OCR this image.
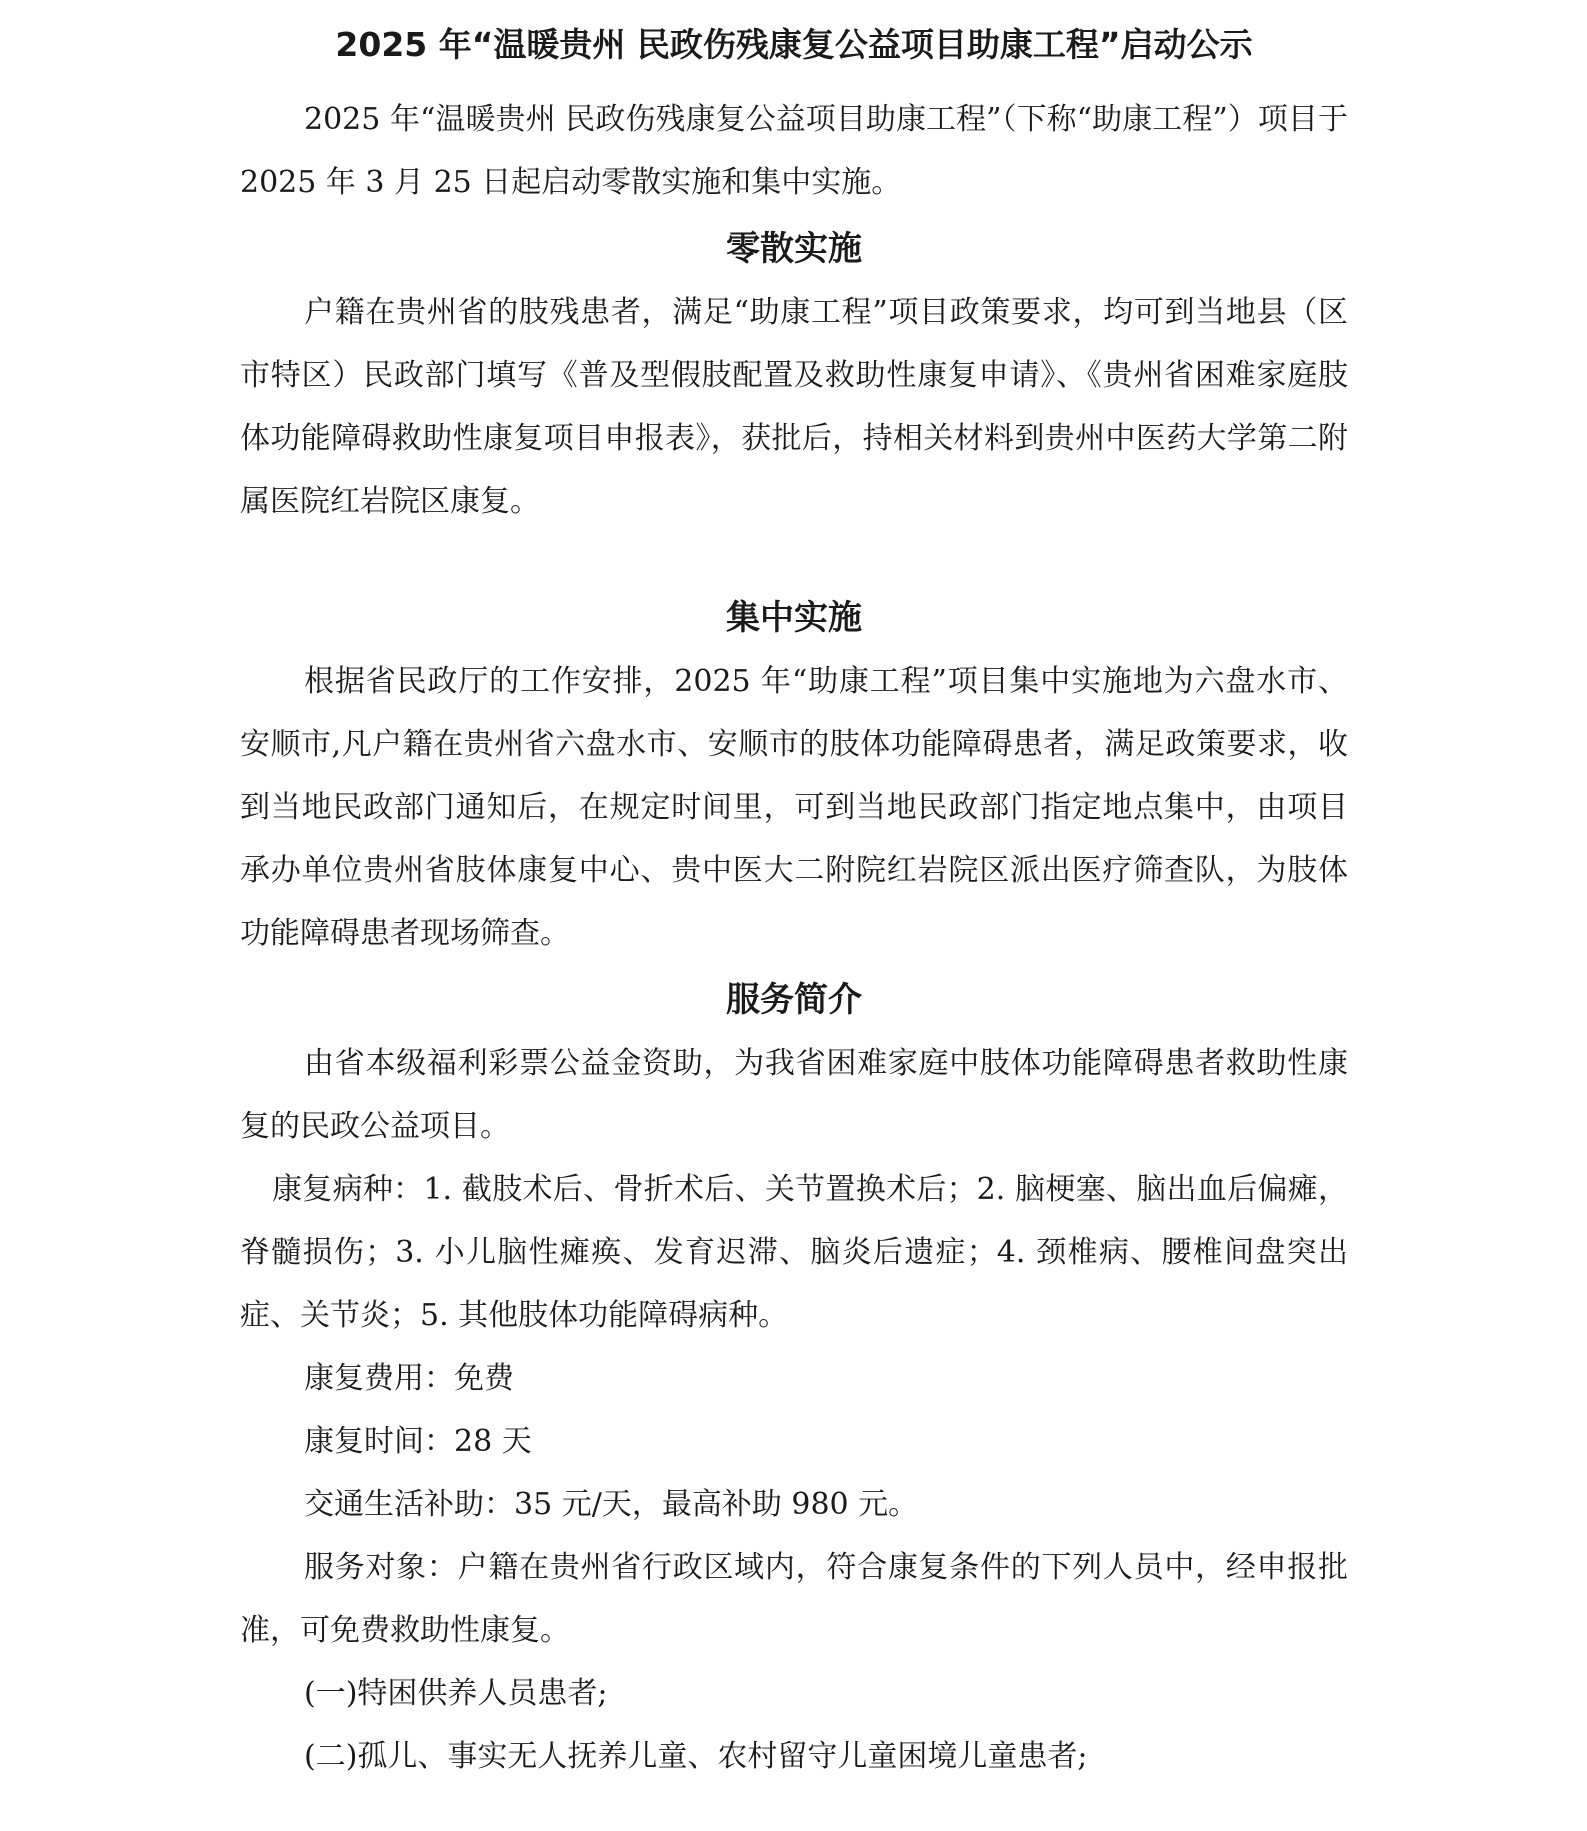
2025 年“温暖贵州 民政伤残康复公益项目助康工程”启动公示

2025 年“温暖贵州 民政伤残康复公益项目助康工程”（下称“助康工程”）项目于 2025 年 3 月 25 日起启动零散实施和集中实施。

零散实施

户籍在贵州省的肢残患者，满足“助康工程”项目政策要求，均可到当地县（区市特区）民政部门填写《普及型假肢配置及救助性康复申请》、《贵州省困难家庭肢体功能障碍救助性康复项目申报表》，获批后，持相关材料到贵州中医药大学第二附属医院红岩院区康复。

集中实施

根据省民政厅的工作安排，2025 年“助康工程”项目集中实施地为六盘水市、安顺市,凡户籍在贵州省六盘水市、安顺市的肢体功能障碍患者，满足政策要求，收到当地民政部门通知后，在规定时间里，可到当地民政部门指定地点集中，由项目承办单位贵州省肢体康复中心、贵中医大二附院红岩院区派出医疗筛查队，为肢体功能障碍患者现场筛查。

服务简介

由省本级福利彩票公益金资助，为我省困难家庭中肢体功能障碍患者救助性康复的民政公益项目。

康复病种：1. 截肢术后、骨折术后、关节置换术后；2. 脑梗塞、脑出血后偏瘫，脊髓损伤；3. 小儿脑性瘫痪、发育迟滞、脑炎后遗症；4. 颈椎病、腰椎间盘突出症、关节炎；5. 其他肢体功能障碍病种。

康复费用：免费

康复时间：28 天

交通生活补助：35 元/天，最高补助 980 元。

服务对象：户籍在贵州省行政区域内，符合康复条件的下列人员中，经申报批准，可免费救助性康复。

(一)特困供养人员患者;

(二)孤儿、事实无人抚养儿童、农村留守儿童困境儿童患者;
